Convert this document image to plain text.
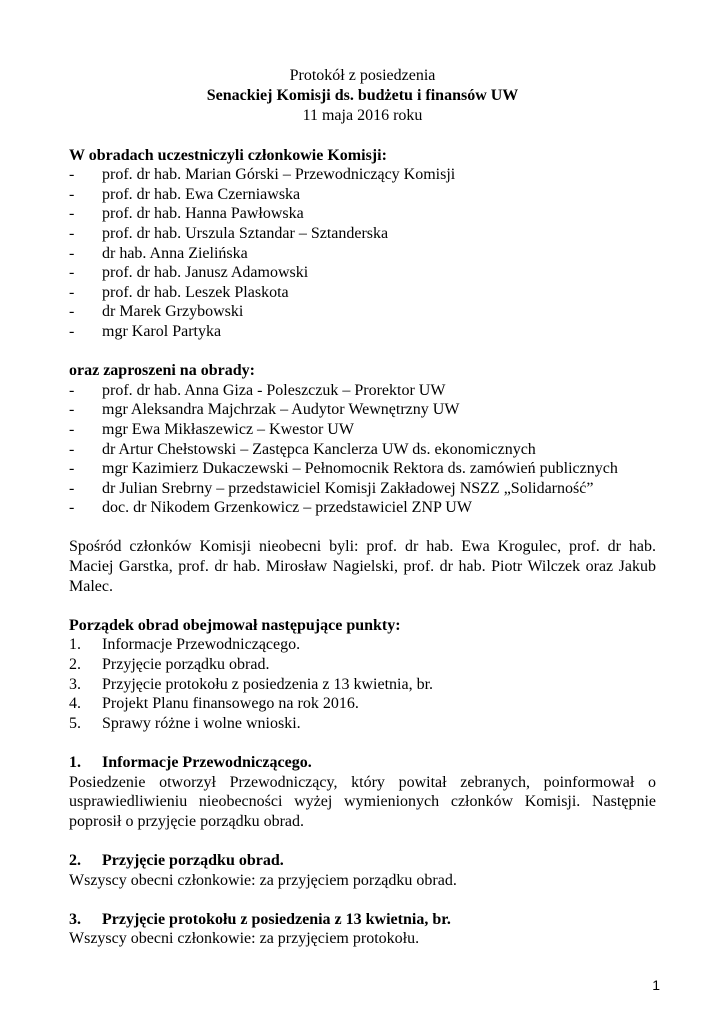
Protokół z posiedzenia
Senackiej Komisji ds. budżetu i finansów UW
11 maja 2016 roku
W obradach uczestniczyli członkowie Komisji:
-	prof. dr hab. Marian Górski – Przewodniczący Komisji
-	prof. dr hab. Ewa Czerniawska
-	prof. dr hab. Hanna Pawłowska
-	prof. dr hab. Urszula Sztandar – Sztanderska
-	dr hab. Anna Zielińska
-	prof. dr hab. Janusz Adamowski
-	prof. dr hab. Leszek Plaskota
-	dr Marek Grzybowski
-	mgr Karol Partyka
oraz zaproszeni na obrady:
-	prof. dr hab. Anna Giza - Poleszczuk – Prorektor UW
-	mgr Aleksandra Majchrzak – Audytor Wewnętrzny UW
-	mgr Ewa Mikłaszewicz – Kwestor UW
-	dr Artur Chełstowski – Zastępca Kanclerza UW ds. ekonomicznych
-	mgr Kazimierz Dukaczewski – Pełnomocnik Rektora ds. zamówień publicznych
-	dr Julian Srebrny – przedstawiciel Komisji Zakładowej NSZZ „Solidarność”
-	doc. dr Nikodem Grzenkowicz – przedstawiciel ZNP UW
Spośród członków Komisji nieobecni byli: prof. dr hab. Ewa Krogulec, prof. dr hab. Maciej Garstka, prof. dr hab. Mirosław Nagielski, prof. dr hab. Piotr Wilczek oraz Jakub Malec.
Porządek obrad obejmował następujące punkty:
1.	Informacje Przewodniczącego.
2.	Przyjęcie porządku obrad.
3.	Przyjęcie protokołu z posiedzenia z 13 kwietnia, br.
4.	Projekt Planu finansowego na rok 2016.
5.	Sprawy różne i wolne wnioski.
1.	Informacje Przewodniczącego.
Posiedzenie otworzył Przewodniczący, który powitał zebranych, poinformował o usprawiedliwieniu nieobecności wyżej wymienionych członków Komisji. Następnie poprosił o przyjęcie porządku obrad.
2.	Przyjęcie porządku obrad.
Wszyscy obecni członkowie: za przyjęciem porządku obrad.
3.	Przyjęcie protokołu z posiedzenia z 13 kwietnia, br.
Wszyscy obecni członkowie: za przyjęciem protokołu.
1
